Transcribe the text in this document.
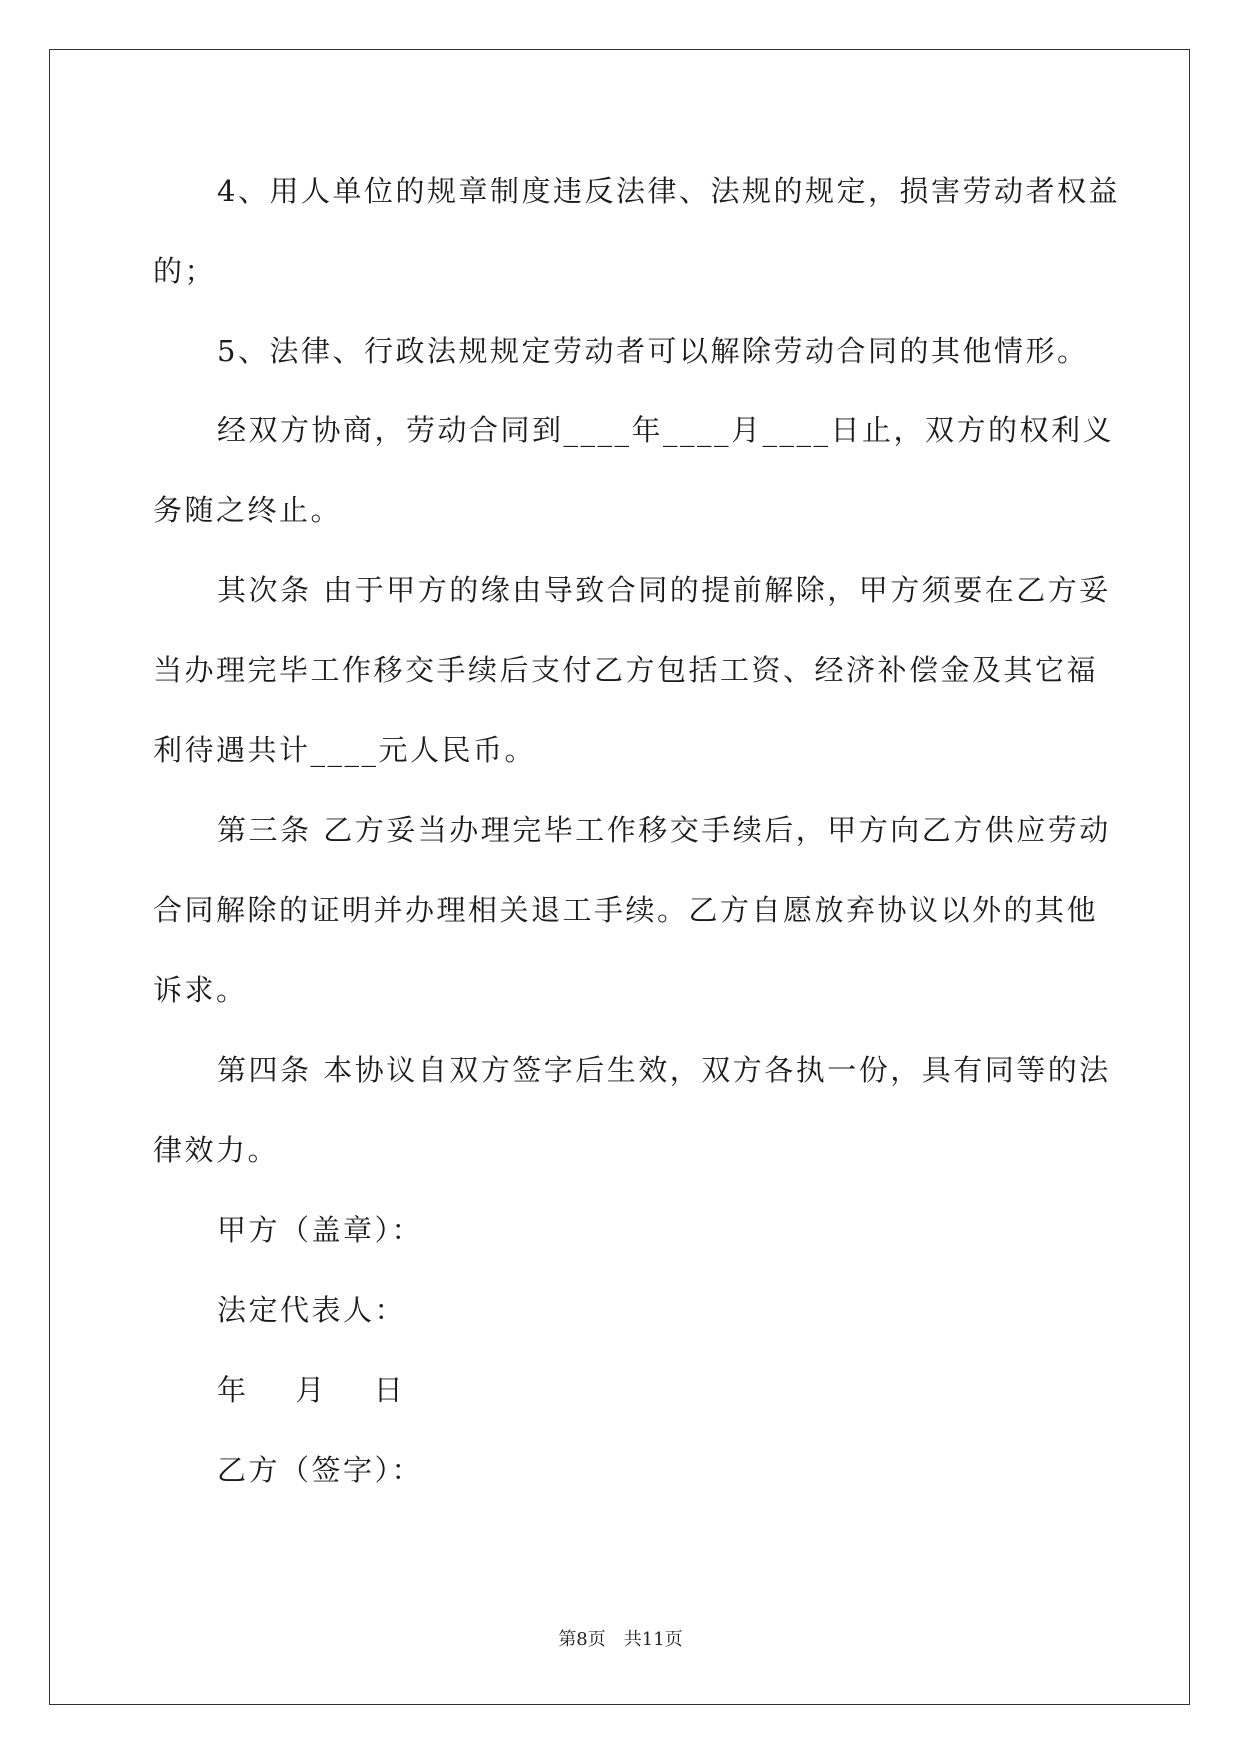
4、用人单位的规章制度违反法律、法规的规定，损害劳动者权益
的；
5、法律、行政法规规定劳动者可以解除劳动合同的其他情形。
经双方协商，劳动合同到____年____月____日止，双方的权利义
务随之终止。
其次条 由于甲方的缘由导致合同的提前解除，甲方须要在乙方妥
当办理完毕工作移交手续后支付乙方包括工资、经济补偿金及其它福
利待遇共计____元人民币。
第三条 乙方妥当办理完毕工作移交手续后，甲方向乙方供应劳动
合同解除的证明并办理相关退工手续。乙方自愿放弃协议以外的其他
诉求。
第四条 本协议自双方签字后生效，双方各执一份，具有同等的法
律效力。
甲方（盖章）：
法定代表人：
年    月    日
乙方（签字）：
第8页 共11页
